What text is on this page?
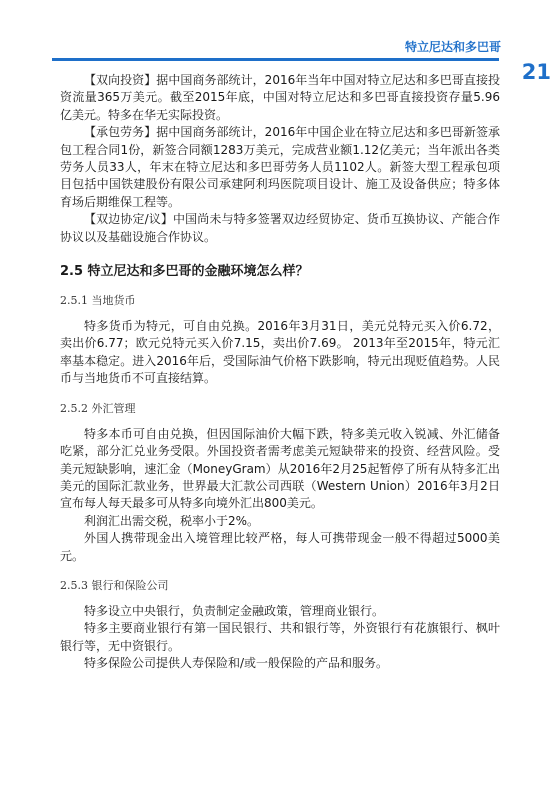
特立尼达和多巴哥
21

【双向投资】据中国商务部统计，2016年当年中国对特立尼达和多巴哥直接投资流量365万美元。截至2015年底，中国对特立尼达和多巴哥直接投资存量5.96亿美元。特多在华无实际投资。

【承包劳务】据中国商务部统计，2016年中国企业在特立尼达和多巴哥新签承包工程合同1份，新签合同额1283万美元，完成营业额1.12亿美元；当年派出各类劳务人员33人，年末在特立尼达和多巴哥劳务人员1102人。新签大型工程承包项目包括中国铁建股份有限公司承建阿利玛医院项目设计、施工及设备供应；特多体育场后期维保工程等。

【双边协定/议】中国尚未与特多签署双边经贸协定、货币互换协议、产能合作协议以及基础设施合作协议。

2.5 特立尼达和多巴哥的金融环境怎么样？
2.5.1 当地货币

特多货币为特元，可自由兑换。2016年3月31日，美元兑特元买入价6.72，卖出价6.77；欧元兑特元买入价7.15，卖出价7.69。 2013年至2015年，特元汇率基本稳定。进入2016年后，受国际油气价格下跌影响，特元出现贬值趋势。人民币与当地货币不可直接结算。

2.5.2 外汇管理

特多本币可自由兑换，但因国际油价大幅下跌，特多美元收入锐减、外汇储备吃紧，部分汇兑业务受限。外国投资者需考虑美元短缺带来的投资、经营风险。受美元短缺影响，速汇金（MoneyGram）从2016年2月25起暂停了所有从特多汇出美元的国际汇款业务，世界最大汇款公司西联（Western Union）2016年3月2日宣布每人每天最多可从特多向境外汇出800美元。

利润汇出需交税，税率小于2%。

外国人携带现金出入境管理比较严格，每人可携带现金一般不得超过5000美元。

2.5.3 银行和保险公司

特多设立中央银行，负责制定金融政策，管理商业银行。

特多主要商业银行有第一国民银行、共和银行等，外资银行有花旗银行、枫叶银行等，无中资银行。

特多保险公司提供人寿保险和/或一般保险的产品和服务。
